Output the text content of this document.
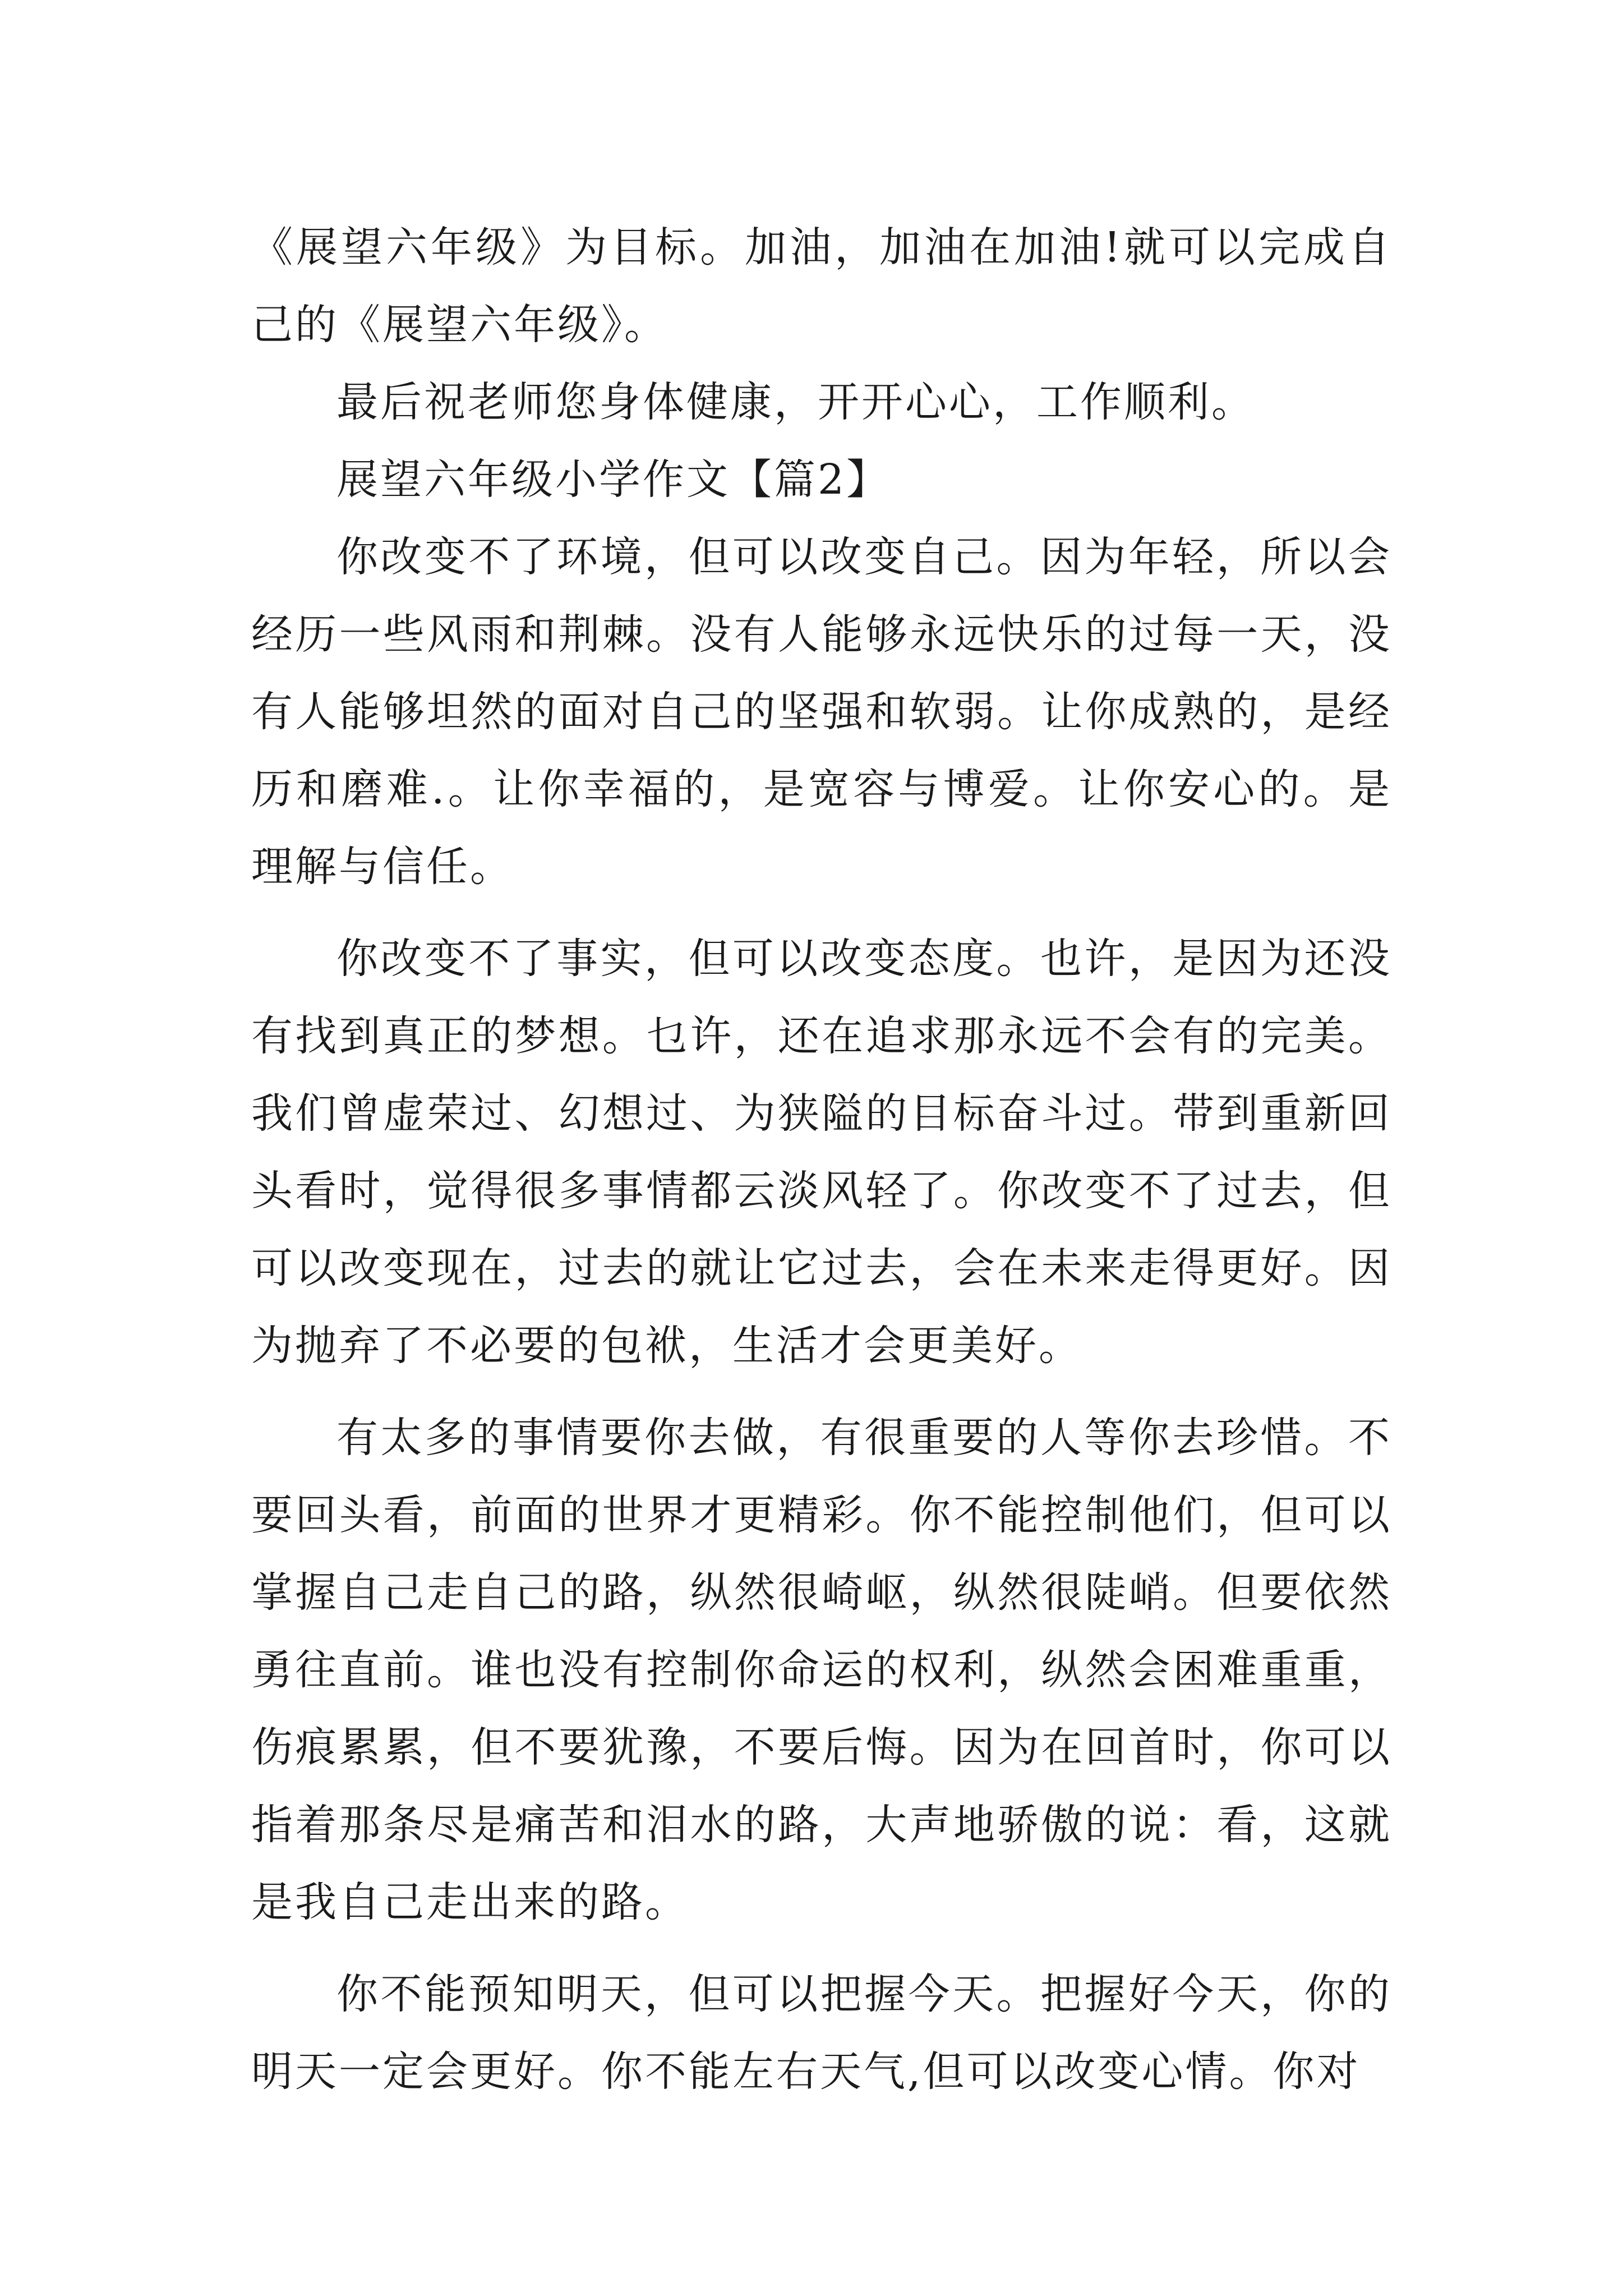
《展望六年级》为目标。加油，加油在加油!就可以完成自己的《展望六年级》。

最后祝老师您身体健康，开开心心，工作顺利。

展望六年级小学作文【篇2】

你改变不了环境，但可以改变自己。因为年轻，所以会经历一些风雨和荆棘。没有人能够永远快乐的过每一天，没有人能够坦然的面对自己的坚强和软弱。让你成熟的，是经历和磨难.。让你幸福的，是宽容与博爱。让你安心的。是理解与信任。

你改变不了事实，但可以改变态度。也许，是因为还没有找到真正的梦想。乜许，还在追求那永远不会有的完美。我们曾虚荣过、幻想过、为狭隘的目标奋斗过。带到重新回头看时，觉得很多事情都云淡风轻了。你改变不了过去，但可以改变现在，过去的就让它过去，会在未来走得更好。因为抛弃了不必要的包袱，生活才会更美好。

有太多的事情要你去做，有很重要的人等你去珍惜。不要回头看，前面的世界才更精彩。你不能控制他们，但可以掌握自己走自己的路，纵然很崎岖，纵然很陡峭。但要依然勇往直前。谁也没有控制你命运的权利，纵然会困难重重，伤痕累累，但不要犹豫，不要后悔。因为在回首时，你可以指着那条尽是痛苦和泪水的路，大声地骄傲的说：看，这就是我自己走出来的路。

你不能预知明天，但可以把握今天。把握好今天，你的明天一定会更好。你不能左右天气,但可以改变心情。你对
